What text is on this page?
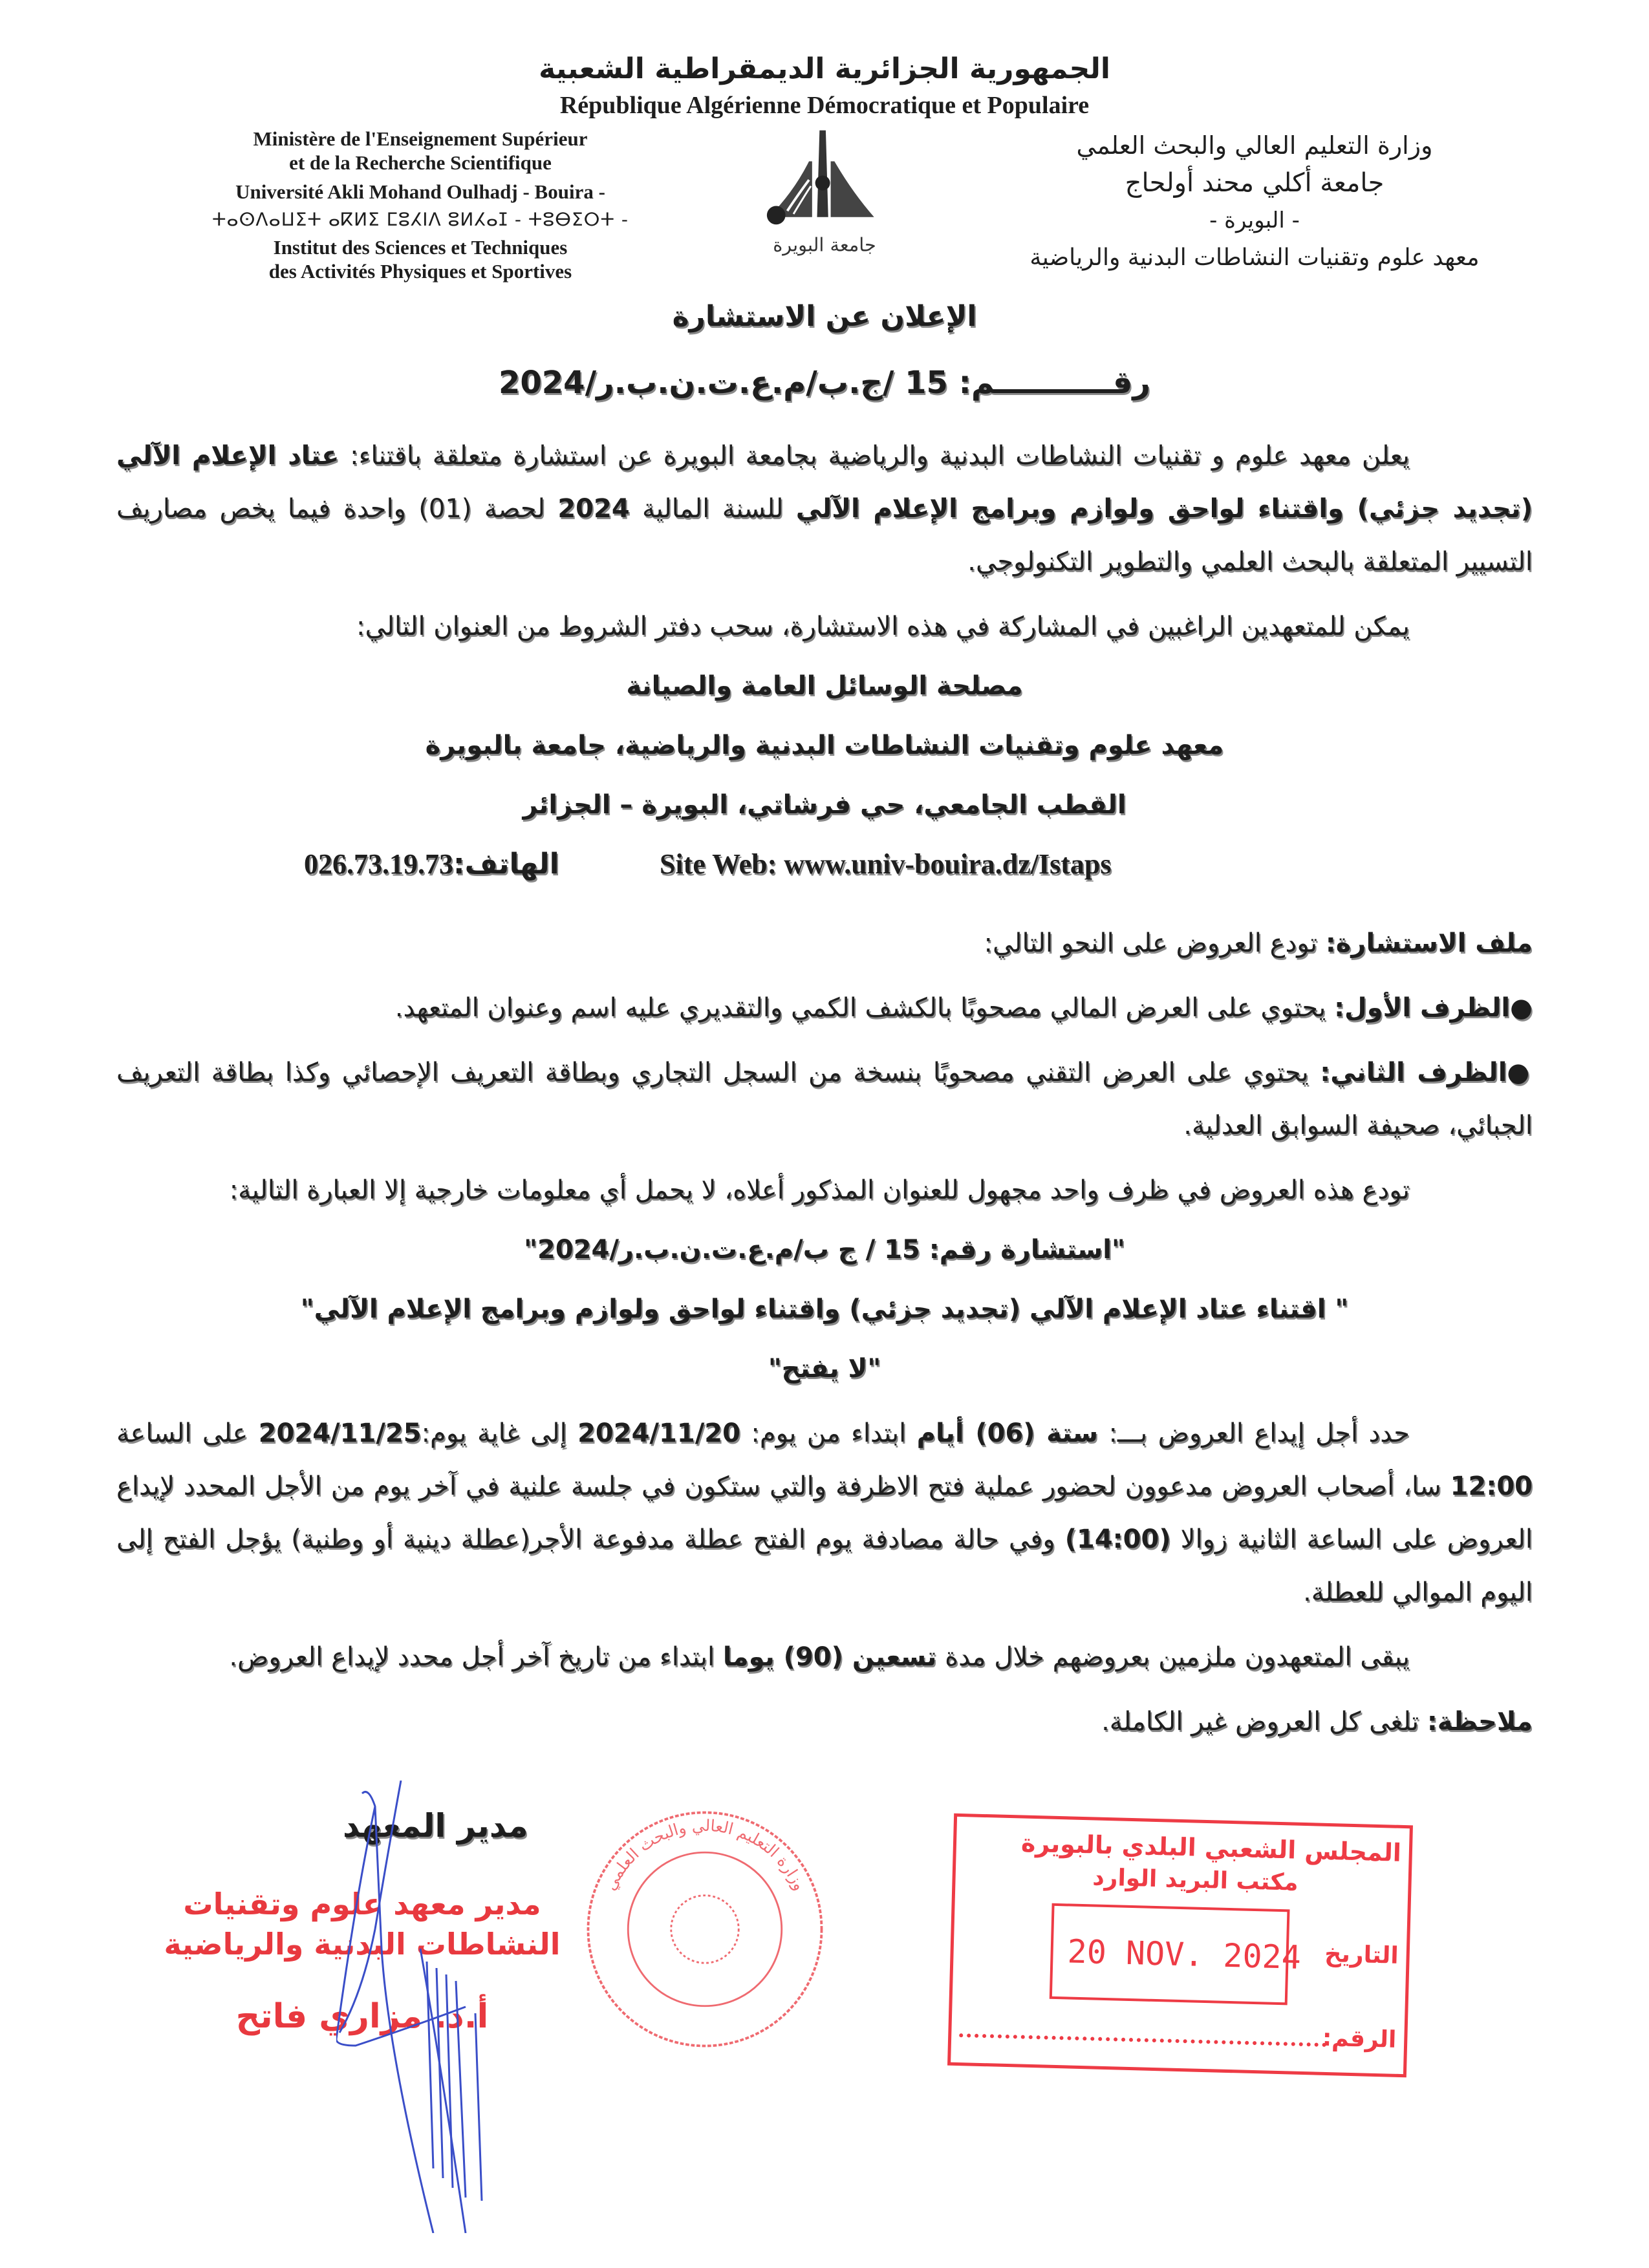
الجمهورية الجزائرية الديمقراطية الشعبية
République Algérienne Démocratique et Populaire
Ministère de l'Enseignement Supérieur
et de la Recherche Scientifique
Université Akli Mohand Oulhadj - Bouira -
ⵜⴰⵙⴷⴰⵡⵉⵜ ⴰⴽⵍⵉ ⵎⵓⵃⵏⴷ ⵓⵍⵃⴰⵊ - ⵜⵓⴱⵉⵔⵜ -
Institut des Sciences et Techniques
des Activités Physiques et Sportives
جامعة البويرة
وزارة التعليم العالي والبحث العلمي
جامعة أكلي محند أولحاج
- البويرة -
معهد علوم وتقنيات النشاطات البدنية والرياضية
الإعلان عن الاستشارة
رقـــــــــــم: 15 /ج.ب/م.ع.ت.ن.ب.ر/2024
يعلن معهد علوم و تقنيات النشاطات البدنية والرياضية بجامعة البويرة عن استشارة متعلقة باقتناء: عتاد الإعلام الآلي (تجديد جزئي) واقتناء لواحق ولوازم وبرامج الإعلام الآلي للسنة المالية 2024 لحصة (01) واحدة فيما يخص مصاريف التسيير المتعلقة بالبحث العلمي والتطوير التكنولوجي.
يمكن للمتعهدين الراغبين في المشاركة في هذه الاستشارة، سحب دفتر الشروط من العنوان التالي:
مصلحة الوسائل العامة والصيانة
معهد علوم وتقنيات النشاطات البدنية والرياضية، جامعة بالبويرة
القطب الجامعي، حي فرشاتي، البويرة – الجزائر
Site Web: www.univ-bouira.dz/Istaps
026.73.19.73الهاتف:
ملف الاستشارة: تودع العروض على النحو التالي:
●الظرف الأول: يحتوي على العرض المالي مصحوبًا بالكشف الكمي والتقديري عليه اسم وعنوان المتعهد.
●الظرف الثاني: يحتوي على العرض التقني مصحوبًا بنسخة من السجل التجاري وبطاقة التعريف الإحصائي وكذا بطاقة التعريف الجبائي، صحيفة السوابق العدلية.
تودع هذه العروض في ظرف واحد مجهول للعنوان المذكور أعلاه، لا يحمل أي معلومات خارجية إلا العبارة التالية:
"استشارة رقم: 15 / ج ب/م.ع.ت.ن.ب.ر/2024"
" اقتناء عتاد الإعلام الآلي (تجديد جزئي) واقتناء لواحق ولوازم وبرامج الإعلام الآلي"
"لا يفتح"
حدد أجل إيداع العروض بـــ: ستة (06) أيام ابتداء من يوم: 2024/11/20 إلى غاية يوم:2024/11/25 على الساعة 12:00 سا، أصحاب العروض مدعوون لحضور عملية فتح الاظرفة والتي ستكون في جلسة علنية في آخر يوم من الأجل المحدد لإيداع العروض على الساعة الثانية زوالا (14:00) وفي حالة مصادفة يوم الفتح عطلة مدفوعة الأجر(عطلة دينية أو وطنية) يؤجل الفتح إلى اليوم الموالي للعطلة.
يبقى المتعهدون ملزمين بعروضهم خلال مدة تسعين (90) يوما ابتداء من تاريخ آخر أجل محدد لإيداع العروض.
ملاحظة: تلغى كل العروض غير الكاملة.
وزارة التعليم العالي والبحث العلمي
مدير المعهد
مدير معهد علوم وتقنيات
النشاطات البدنية والرياضية
أ.د. مزاري فاتح
المجلس الشعبي البلدي بالبويرة
مكتب البريد الوارد
20 NOV. 2024 التاريخ
الرقم:
